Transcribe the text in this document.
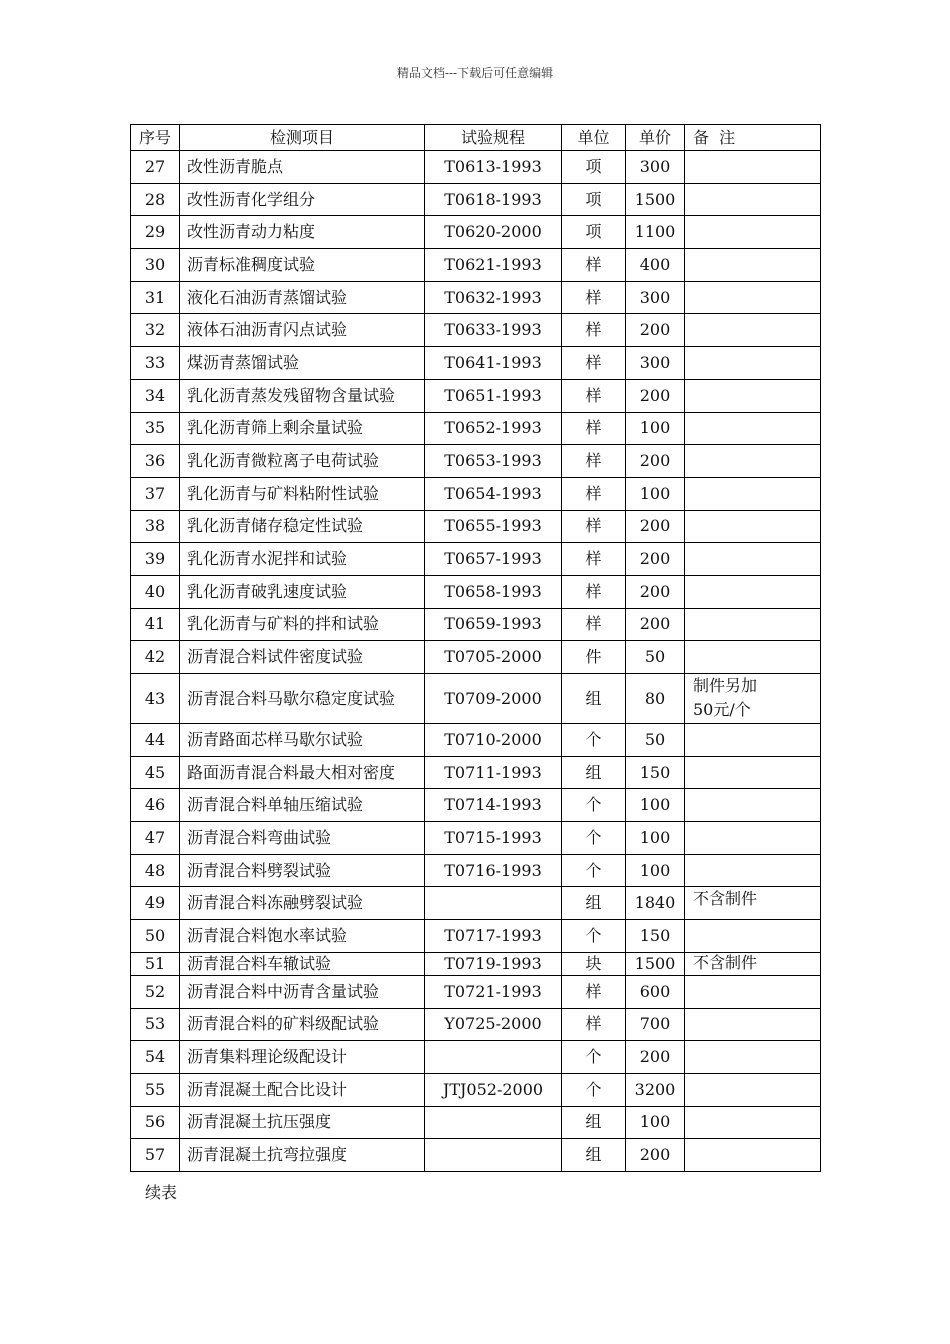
精品文档---下载后可任意编辑
序号	检测项目	试验规程	单位	单价	备  注
27	改性沥青脆点	T0613-1993	项	300	
28	改性沥青化学组分	T0618-1993	项	1500	
29	改性沥青动力粘度	T0620-2000	项	1100	
30	沥青标准稠度试验	T0621-1993	样	400	
31	液化石油沥青蒸馏试验	T0632-1993	样	300	
32	液体石油沥青闪点试验	T0633-1993	样	200	
33	煤沥青蒸馏试验	T0641-1993	样	300	
34	乳化沥青蒸发残留物含量试验	T0651-1993	样	200	
35	乳化沥青筛上剩余量试验	T0652-1993	样	100	
36	乳化沥青微粒离子电荷试验	T0653-1993	样	200	
37	乳化沥青与矿料粘附性试验	T0654-1993	样	100	
38	乳化沥青储存稳定性试验	T0655-1993	样	200	
39	乳化沥青水泥拌和试验	T0657-1993	样	200	
40	乳化沥青破乳速度试验	T0658-1993	样	200	
41	乳化沥青与矿料的拌和试验	T0659-1993	样	200	
42	沥青混合料试件密度试验	T0705-2000	件	50	
43	沥青混合料马歇尔稳定度试验	T0709-2000	组	80	制件另加
50元/个

44	沥青路面芯样马歇尔试验	T0710-2000	个	50	
45	路面沥青混合料最大相对密度	T0711-1993	组	150	
46	沥青混合料单轴压缩试验	T0714-1993	个	100	
47	沥青混合料弯曲试验	T0715-1993	个	100	
48	沥青混合料劈裂试验	T0716-1993	个	100	
49	沥青混合料冻融劈裂试验		组	1840	不含制件
50	沥青混合料饱水率试验	T0717-1993	个	150	
51	沥青混合料车辙试验	T0719-1993	块	1500	不含制件
52	沥青混合料中沥青含量试验	T0721-1993	样	600	
53	沥青混合料的矿料级配试验	Y0725-2000	样	700	
54	沥青集料理论级配设计		个	200	
55	沥青混凝土配合比设计	JTJ052-2000	个	3200	
56	沥青混凝土抗压强度		组	100	
57	沥青混凝土抗弯拉强度		组	200	
续表
